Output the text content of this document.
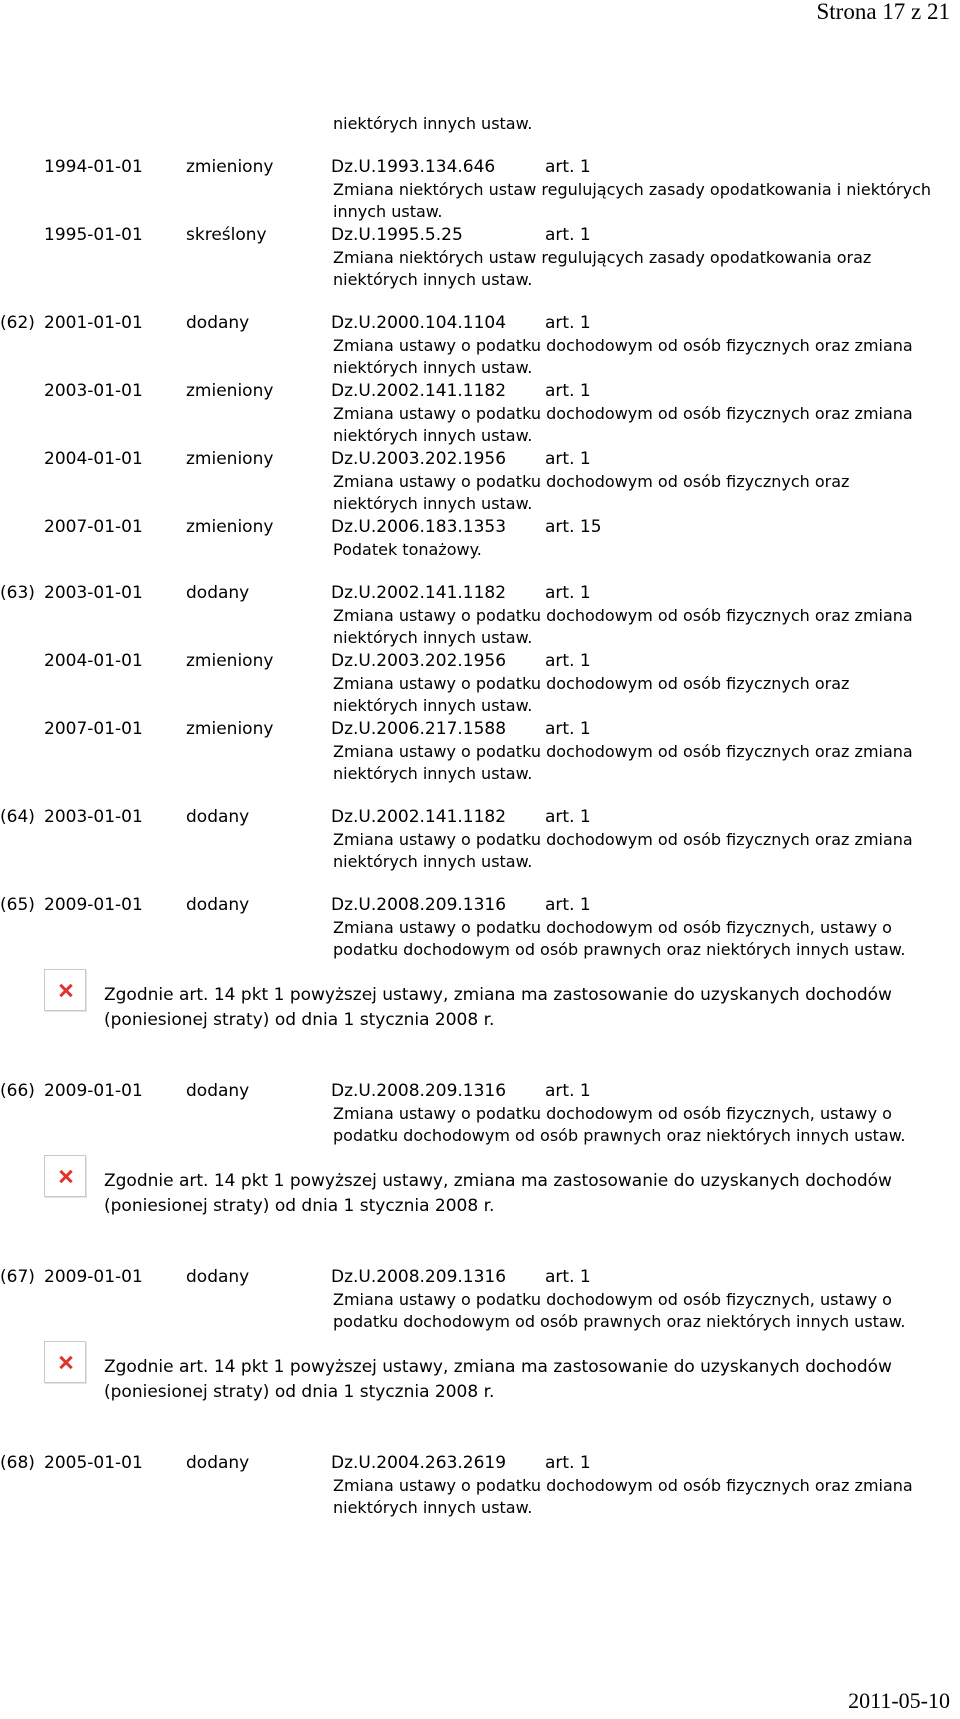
Strona 17 z 21
niektórych innych ustaw.
1994-01-01	zmieniony	Dz.U.1993.134.646	art. 1
Zmiana niektórych ustaw regulujących zasady opodatkowania i niektórych innych ustaw.
1995-01-01	skreślony	Dz.U.1995.5.25	art. 1
Zmiana niektórych ustaw regulujących zasady opodatkowania oraz niektórych innych ustaw.
(62) 2001-01-01	dodany	Dz.U.2000.104.1104 art. 1
Zmiana ustawy o podatku dochodowym od osób fizycznych oraz zmiana niektórych innych ustaw.
2003-01-01	zmieniony	Dz.U.2002.141.1182 art. 1
Zmiana ustawy o podatku dochodowym od osób fizycznych oraz zmiana niektórych innych ustaw.
2004-01-01	zmieniony	Dz.U.2003.202.1956 art. 1
Zmiana ustawy o podatku dochodowym od osób fizycznych oraz niektórych innych ustaw.
2007-01-01	zmieniony	Dz.U.2006.183.1353 art. 15
Podatek tonażowy.
(63) 2003-01-01	dodany	Dz.U.2002.141.1182 art. 1
Zmiana ustawy o podatku dochodowym od osób fizycznych oraz zmiana niektórych innych ustaw.
2004-01-01	zmieniony	Dz.U.2003.202.1956 art. 1
Zmiana ustawy o podatku dochodowym od osób fizycznych oraz niektórych innych ustaw.
2007-01-01	zmieniony	Dz.U.2006.217.1588 art. 1
Zmiana ustawy o podatku dochodowym od osób fizycznych oraz zmiana niektórych innych ustaw.
(64) 2003-01-01	dodany	Dz.U.2002.141.1182 art. 1
Zmiana ustawy o podatku dochodowym od osób fizycznych oraz zmiana niektórych innych ustaw.
(65) 2009-01-01	dodany	Dz.U.2008.209.1316 art. 1
Zmiana ustawy o podatku dochodowym od osób fizycznych, ustawy o podatku dochodowym od osób prawnych oraz niektórych innych ustaw.
Zgodnie art. 14 pkt 1 powyższej ustawy, zmiana ma zastosowanie do uzyskanych dochodów (poniesionej straty) od dnia 1 stycznia 2008 r.
(66) 2009-01-01	dodany	Dz.U.2008.209.1316 art. 1
Zmiana ustawy o podatku dochodowym od osób fizycznych, ustawy o podatku dochodowym od osób prawnych oraz niektórych innych ustaw.
Zgodnie art. 14 pkt 1 powyższej ustawy, zmiana ma zastosowanie do uzyskanych dochodów (poniesionej straty) od dnia 1 stycznia 2008 r.
(67) 2009-01-01	dodany	Dz.U.2008.209.1316 art. 1
Zmiana ustawy o podatku dochodowym od osób fizycznych, ustawy o podatku dochodowym od osób prawnych oraz niektórych innych ustaw.
Zgodnie art. 14 pkt 1 powyższej ustawy, zmiana ma zastosowanie do uzyskanych dochodów (poniesionej straty) od dnia 1 stycznia 2008 r.
(68) 2005-01-01	dodany	Dz.U.2004.263.2619 art. 1
Zmiana ustawy o podatku dochodowym od osób fizycznych oraz zmiana niektórych innych ustaw.
2011-05-10
